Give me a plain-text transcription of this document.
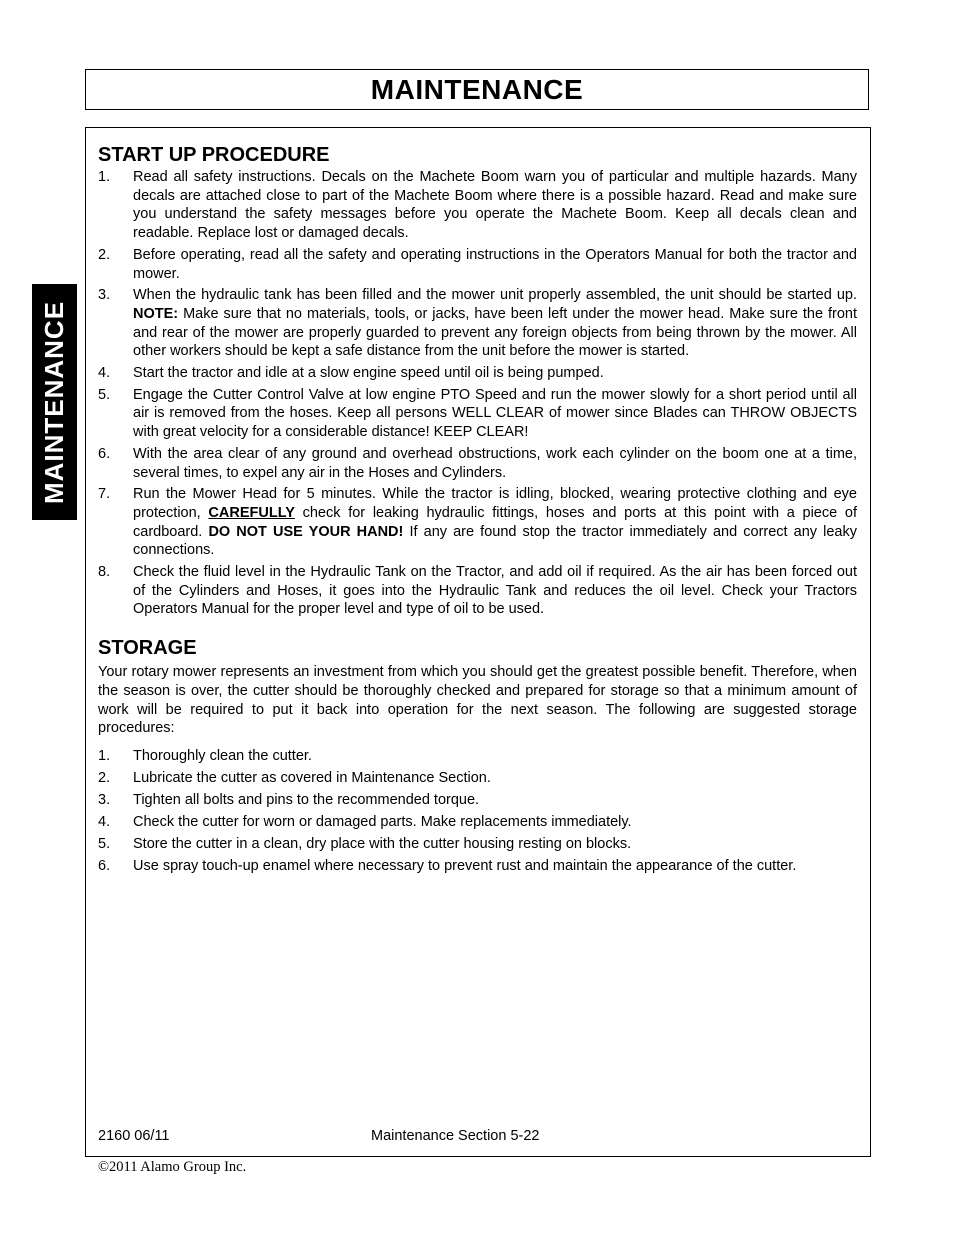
MAINTENANCE
MAINTENANCE
START UP PROCEDURE
1. Read all safety instructions. Decals on the Machete Boom warn you of particular and multiple hazards. Many decals are attached close to part of the Machete Boom where there is a possible hazard. Read and make sure you understand the safety messages before you operate the Machete Boom. Keep all decals clean and readable. Replace lost or damaged decals.
2. Before operating, read all the safety and operating instructions in the Operators Manual for both the tractor and mower.
3. When the hydraulic tank has been filled and the mower unit properly assembled, the unit should be started up. NOTE: Make sure that no materials, tools, or jacks, have been left under the mower head. Make sure the front and rear of the mower are properly guarded to prevent any foreign objects from being thrown by the mower. All other workers should be kept a safe distance from the unit before the mower is started.
4. Start the tractor and idle at a slow engine speed until oil is being pumped.
5. Engage the Cutter Control Valve at low engine PTO Speed and run the mower slowly for a short period until all air is removed from the hoses. Keep all persons WELL CLEAR of mower since Blades can THROW OBJECTS with great velocity for a considerable distance! KEEP CLEAR!
6. With the area clear of any ground and overhead obstructions, work each cylinder on the boom one at a time, several times, to expel any air in the Hoses and Cylinders.
7. Run the Mower Head for 5 minutes. While the tractor is idling, blocked, wearing protective clothing and eye protection, CAREFULLY check for leaking hydraulic fittings, hoses and ports at this point with a piece of cardboard. DO NOT USE YOUR HAND! If any are found stop the tractor immediately and correct any leaky connections.
8. Check the fluid level in the Hydraulic Tank on the Tractor, and add oil if required. As the air has been forced out of the Cylinders and Hoses, it goes into the Hydraulic Tank and reduces the oil level. Check your Tractors Operators Manual for the proper level and type of oil to be used.
STORAGE

Your rotary mower represents an investment from which you should get the greatest possible benefit. Therefore, when the season is over, the cutter should be thoroughly checked and prepared for storage so that a minimum amount of work will be required to put it back into operation for the next season. The following are suggested storage procedures:

1. Thoroughly clean the cutter.
2. Lubricate the cutter as covered in Maintenance Section.
3. Tighten all bolts and pins to the recommended torque.
4. Check the cutter for worn or damaged parts. Make replacements immediately.
5. Store the cutter in a clean, dry place with the cutter housing resting on blocks.
6. Use spray touch-up enamel where necessary to prevent rust and maintain the appearance of the cutter.
2160 06/11	Maintenance Section 5-22
©2011 Alamo Group Inc.
